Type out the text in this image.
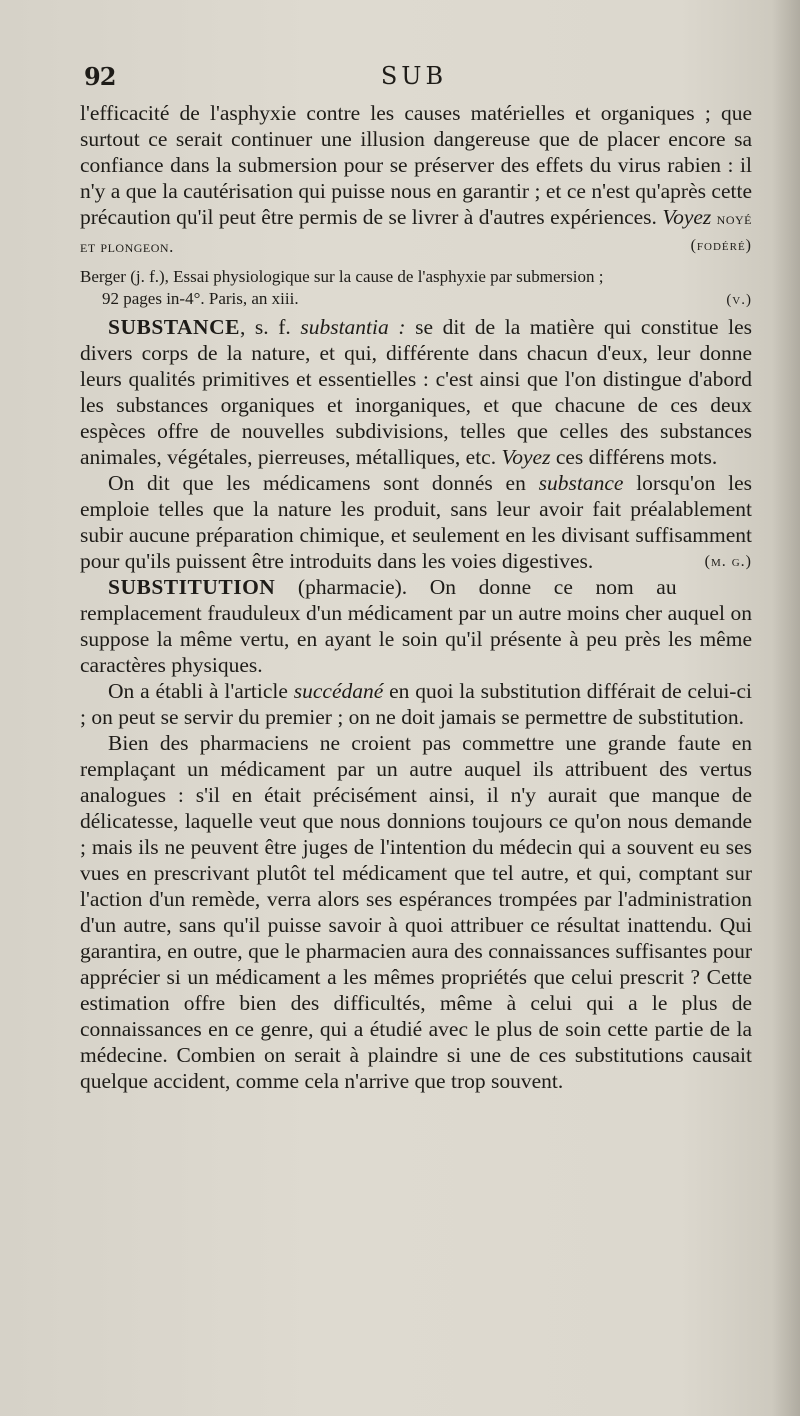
92	SUB

l'efficacité de l'asphyxie contre les causes matérielles et organiques ; que surtout ce serait continuer une illusion dangereuse que de placer encore sa confiance dans la submersion pour se préserver des effets du virus rabien : il n'y a que la cautérisation qui puisse nous en garantir ; et ce n'est qu'après cette précaution qu'il peut être permis de se livrer à d'autres expériences. Voyez noyé et plongeon.	(fodéré)

Berger (j. f.), Essai physiologique sur la cause de l'asphyxie par submersion ;
92 pages in-4°. Paris, an xiii.	(v.)

SUBSTANCE, s. f. substantia : se dit de la matière qui constitue les divers corps de la nature, et qui, différente dans chacun d'eux, leur donne leurs qualités primitives et essentielles : c'est ainsi que l'on distingue d'abord les substances organiques et inorganiques, et que chacune de ces deux espèces offre de nouvelles subdivisions, telles que celles des substances animales, végétales, pierreuses, métalliques, etc. Voyez ces différens mots.

On dit que les médicamens sont donnés en substance lorsqu'on les emploie telles que la nature les produit, sans leur avoir fait préalablement subir aucune préparation chimique, et seulement en les divisant suffisamment pour qu'ils puissent être introduits dans les voies digestives.	(m. g.)

SUBSTITUTION (pharmacie). On donne ce nom au remplacement frauduleux d'un médicament par un autre moins cher auquel on suppose la même vertu, en ayant le soin qu'il présente à peu près les même caractères physiques.

On a établi à l'article succédané en quoi la substitution différait de celui-ci ; on peut se servir du premier ; on ne doit jamais se permettre de substitution.

Bien des pharmaciens ne croient pas commettre une grande faute en remplaçant un médicament par un autre auquel ils attribuent des vertus analogues : s'il en était précisément ainsi, il n'y aurait que manque de délicatesse, laquelle veut que nous donnions toujours ce qu'on nous demande ; mais ils ne peuvent être juges de l'intention du médecin qui a souvent eu ses vues en prescrivant plutôt tel médicament que tel autre, et qui, comptant sur l'action d'un remède, verra alors ses espérances trompées par l'administration d'un autre, sans qu'il puisse savoir à quoi attribuer ce résultat inattendu. Qui garantira, en outre, que le pharmacien aura des connaissances suffisantes pour apprécier si un médicament a les mêmes propriétés que celui prescrit ? Cette estimation offre bien des difficultés, même à celui qui a le plus de connaissances en ce genre, qui a étudié avec le plus de soin cette partie de la médecine. Combien on serait à plaindre si une de ces substitutions causait quelque accident, comme cela n'arrive que trop souvent.
